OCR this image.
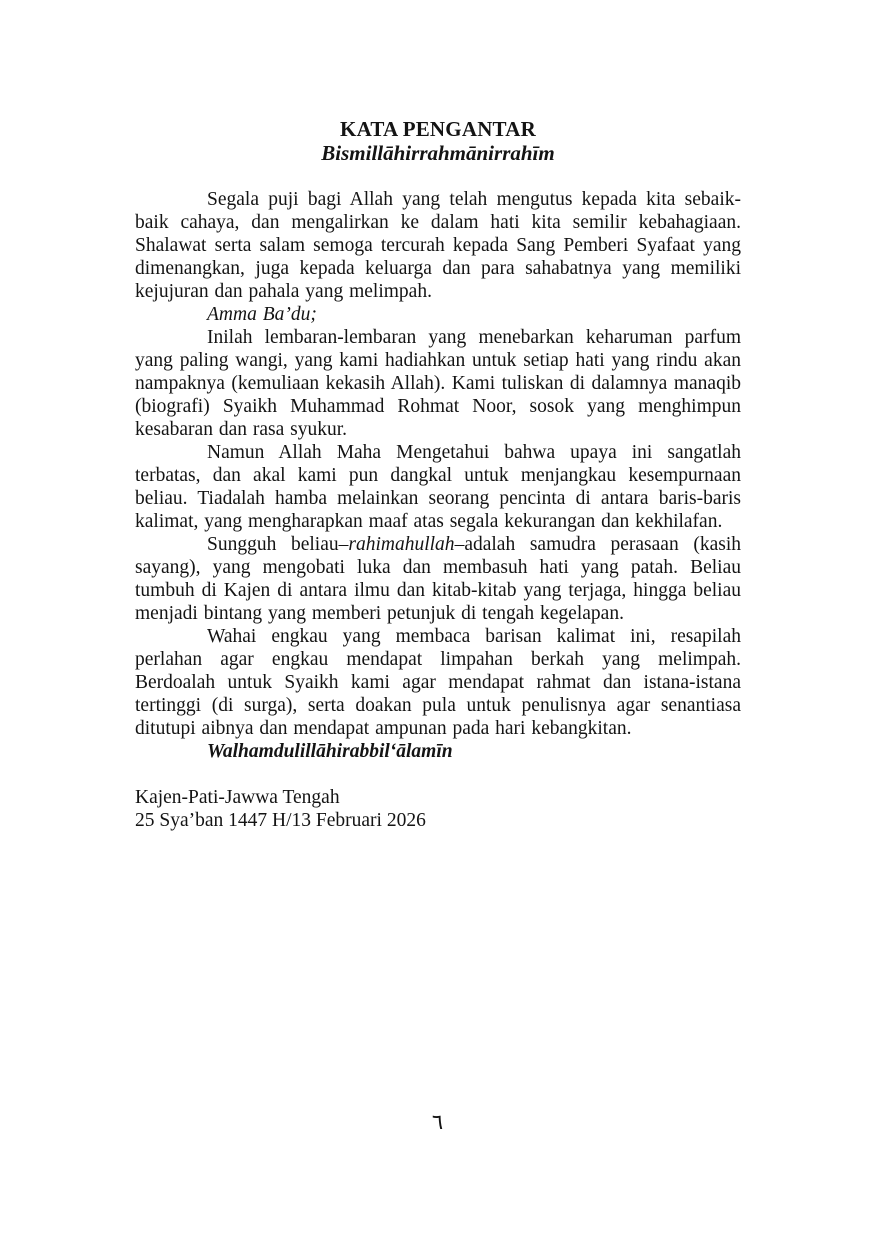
KATA PENGANTAR
Bismillāhirrahmānirrahīm

Segala puji bagi Allah yang telah mengutus kepada kita sebaik-baik cahaya, dan mengalirkan ke dalam hati kita semilir kebahagiaan. Shalawat serta salam semoga tercurah kepada Sang Pemberi Syafaat yang dimenangkan, juga kepada keluarga dan para sahabatnya yang memiliki kejujuran dan pahala yang melimpah.

Amma Ba’du;

Inilah lembaran-lembaran yang menebarkan keharuman parfum yang paling wangi, yang kami hadiahkan untuk setiap hati yang rindu akan nampaknya (kemuliaan kekasih Allah). Kami tuliskan di dalamnya manaqib (biografi) Syaikh Muhammad Rohmat Noor, sosok yang menghimpun kesabaran dan rasa syukur.

Namun Allah Maha Mengetahui bahwa upaya ini sangatlah terbatas, dan akal kami pun dangkal untuk menjangkau kesempurnaan beliau. Tiadalah hamba melainkan seorang pencinta di antara baris-baris kalimat, yang mengharapkan maaf atas segala kekurangan dan kekhilafan.

Sungguh beliau–rahimahullah–adalah samudra perasaan (kasih sayang), yang mengobati luka dan membasuh hati yang patah. Beliau tumbuh di Kajen di antara ilmu dan kitab-kitab yang terjaga, hingga beliau menjadi bintang yang memberi petunjuk di tengah kegelapan.

Wahai engkau yang membaca barisan kalimat ini, resapilah perlahan agar engkau mendapat limpahan berkah yang melimpah. Berdoalah untuk Syaikh kami agar mendapat rahmat dan istana-istana tertinggi (di surga), serta doakan pula untuk penulisnya agar senantiasa ditutupi aibnya dan mendapat ampunan pada hari kebangkitan.

Walhamdulillāhirabbil‘ālamīn

Kajen-Pati-Jawwa Tengah

25 Sya’ban 1447 H/13 Februari 2026

٦
